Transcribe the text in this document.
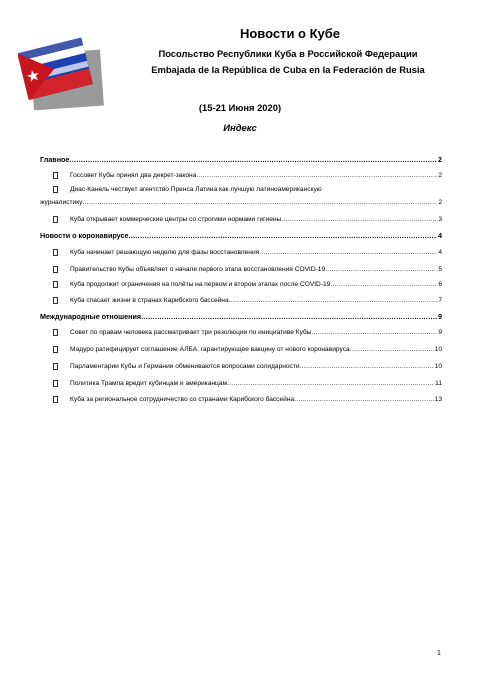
Новости о Кубе
Посольство Республики Куба в Российской Федерации
Embajada de la República de Cuba en la Federación de Rusia
(15-21 Июня 2020)
Индекс
Главное .....	2
Госсовет Кубы принял два декрет-закона .....	2
Диас-Канель чествует агентство Пренса Латина как лучшую латиноамериканскую
журналистику .....	2
Куба открывает коммерческие центры со строгими нормами гигиены .....	3
Новости о коронавирусе .....	4
Куба начинает решающую неделю для фазы восстановления .....	4
Правительство Кубы объявляет о начале первого этапа восстановления COVID-19 .....	5
Куба продолжит ограничения на полёты на первом и втором этапах после COVID-19 .....	6
Куба спасает жизни в странах Карибского бассейна .....	7
Международные отношения .....	9
Совет по правам человека рассматривает три резолюции по инициативе Кубы .....	9
Мадуро ратифицирует соглашение АЛБА, гарантирующее вакцину от нового коронавируса .....	10
Парламентарии Кубы и Германии обмениваются вопросами солидарности .....	10
Политика Трампа вредит кубинцам и американцам .....	11
Куба за региональное сотрудничество со странами Карибского бассейна .....	13
1
